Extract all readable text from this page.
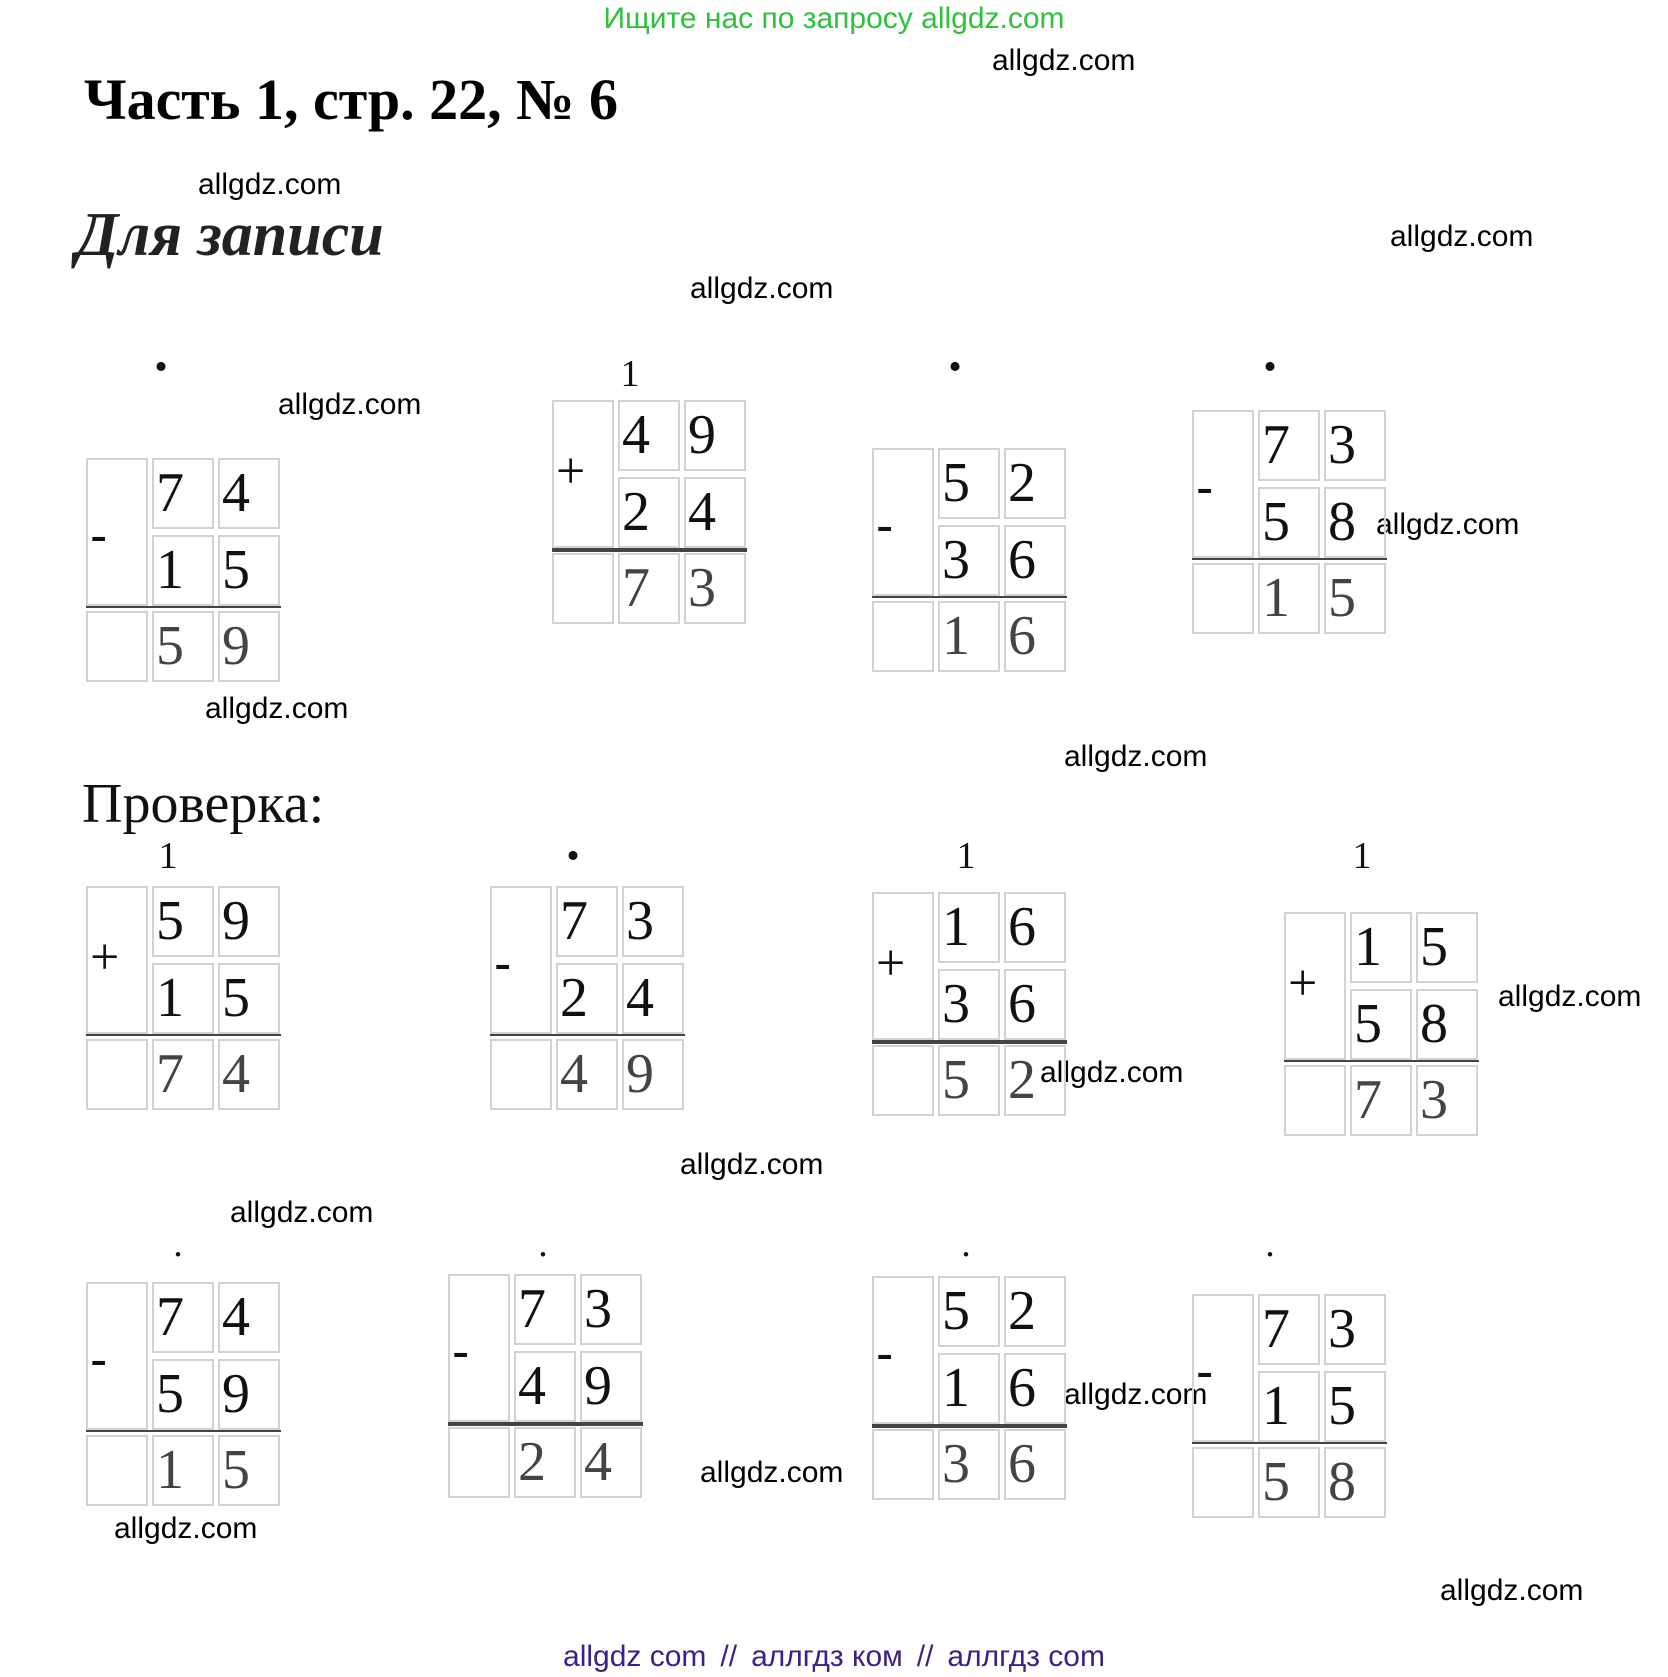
Ищите нас по запросу allgdz.com
Часть 1, стр. 22, № 6
Для записи
Проверка:
allgdz.com
allgdz.com
allgdz.com
allgdz.com
allgdz.com
allgdz.com
allgdz.com
allgdz.com
allgdz.com
allgdz.com
allgdz.com
allgdz.com
allgdz.com
allgdz.com
allgdz.com
allgdz.com
allgdz com // аллгдз ком // аллгдз com
•
-
7 4
1 5
5 9
1
+
4 9
2 4
7 3
•
-
5 2
3 6
1 6
•
-
7 3
5 8
1 5
1
+
5 9
1 5
7 4
•
-
7 3
2 4
4 9
1
+
1 6
3 6
5 2
1
+
1 5
5 8
7 3
.
-
7 4
5 9
1 5
.
-
7 3
4 9
2 4
.
-
5 2
1 6
3 6
.
-
7 3
1 5
5 8
